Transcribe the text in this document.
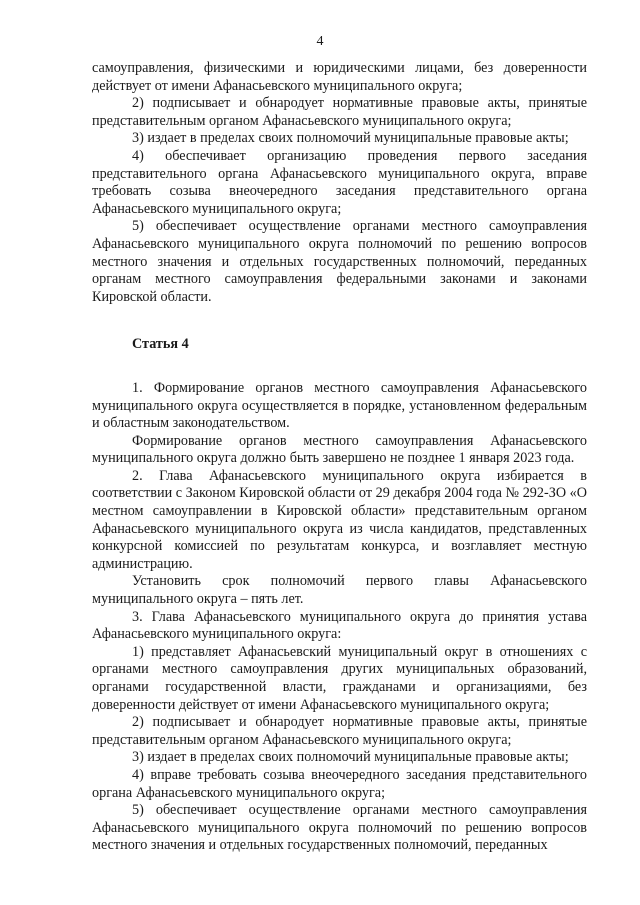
4

самоуправления, физическими и юридическими лицами, без доверенности действует от имени Афанасьевского муниципального округа;

2) подписывает и обнародует нормативные правовые акты, принятые представительным органом Афанасьевского муниципального округа;

3) издает в пределах своих полномочий муниципальные правовые акты;

4) обеспечивает организацию проведения первого заседания представительного органа Афанасьевского муниципального округа, вправе требовать созыва внеочередного заседания представительного органа Афанасьевского муниципального округа;

5) обеспечивает осуществление органами местного самоуправления Афанасьевского муниципального округа полномочий по решению вопросов местного значения и отдельных государственных полномочий, переданных органам местного самоуправления федеральными законами и законами Кировской области.

Статья 4

1. Формирование органов местного самоуправления Афанасьевского муниципального округа осуществляется в порядке, установленном федеральным и областным законодательством.

Формирование органов местного самоуправления Афанасьевского муниципального округа должно быть завершено не позднее 1 января 2023 года.

2. Глава Афанасьевского муниципального округа избирается в соответствии с Законом Кировской области от 29 декабря 2004 года № 292-ЗО «О местном самоуправлении в Кировской области» представительным органом Афанасьевского муниципального округа из числа кандидатов, представленных конкурсной комиссией по результатам конкурса, и возглавляет местную администрацию.

Установить срок полномочий первого главы Афанасьевского муниципального округа – пять лет.

3. Глава Афанасьевского муниципального округа до принятия устава Афанасьевского муниципального округа:

1) представляет Афанасьевский муниципальный округ в отношениях с органами местного самоуправления других муниципальных образований, органами государственной власти, гражданами и организациями, без доверенности действует от имени Афанасьевского муниципального округа;

2) подписывает и обнародует нормативные правовые акты, принятые представительным органом Афанасьевского муниципального округа;

3) издает в пределах своих полномочий муниципальные правовые акты;

4) вправе требовать созыва внеочередного заседания представительного органа Афанасьевского муниципального округа;

5) обеспечивает осуществление органами местного самоуправления Афанасьевского муниципального округа полномочий по решению вопросов местного значения и отдельных государственных полномочий, переданных
